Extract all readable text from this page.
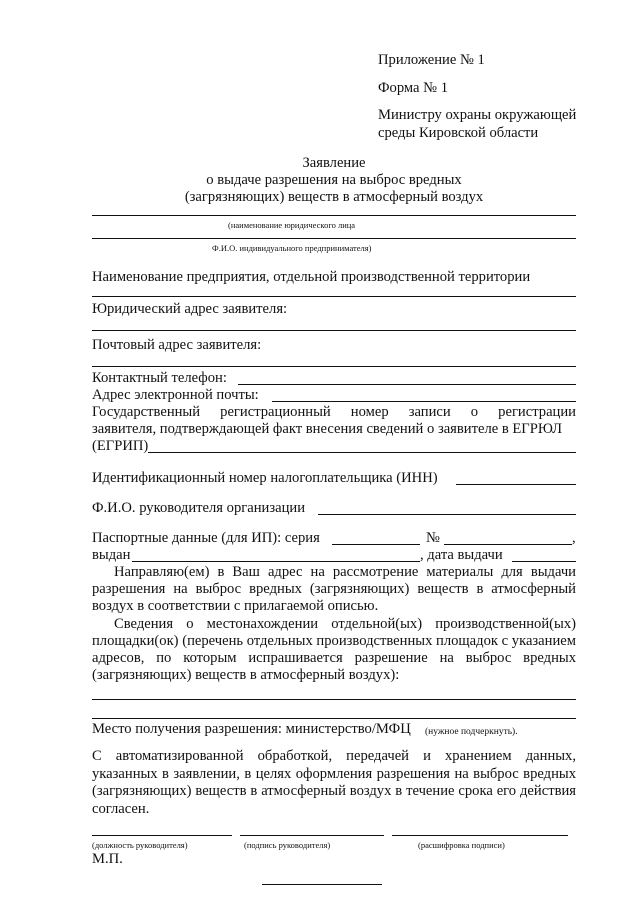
Приложение № 1
Форма № 1
Министру охраны окружающей
среды Кировской области
Заявление
о выдаче разрешения на выброс вредных
(загрязняющих) веществ в атмосферный воздух
(наименование юридического лица
Ф.И.О. индивидуального предпринимателя)
Наименование предприятия, отдельной производственной территории
Юридический адрес заявителя:
Почтовый адрес заявителя:
Контактный телефон:
Адрес электронной почты:
Государственный регистрационный номер записи о регистрации
заявителя, подтверждающей факт внесения сведений о заявителе в ЕГРЮЛ
(ЕГРИП)
Идентификационный номер налогоплательщика (ИНН)
Ф.И.О. руководителя организации
Паспортные данные (для ИП): серия	№	,
выдан	, дата выдачи
Направляю(ем) в Ваш адрес на рассмотрение материалы для выдачи разрешения на выброс вредных (загрязняющих) веществ в атмосферный воздух в соответствии с прилагаемой описью.
Сведения о местонахождении отдельной(ых) производственной(ых) площадки(ок) (перечень отдельных производственных площадок с указанием адресов, по которым испрашивается разрешение на выброс вредных (загрязняющих) веществ в атмосферный воздух):
Место получения разрешения: министерство/МФЦ (нужное подчеркнуть).
С автоматизированной обработкой, передачей и хранением данных, указанных в заявлении, в целях оформления разрешения на выброс вредных (загрязняющих) веществ в атмосферный воздух в течение срока его действия согласен.
(должность руководителя)	(подпись руководителя)	(расшифровка подписи)
М.П.
